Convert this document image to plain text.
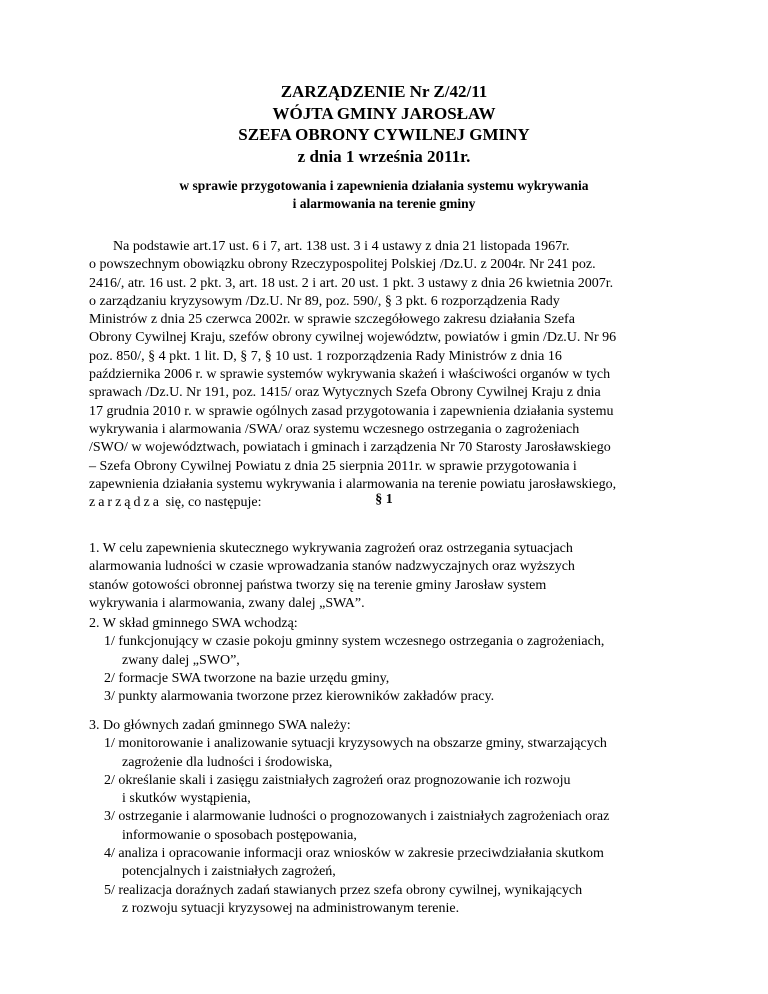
ZARZĄDZENIE Nr Z/42/11
WÓJTA GMINY JAROSŁAW
SZEFA OBRONY CYWILNEJ GMINY
z dnia 1 września 2011r.
w sprawie przygotowania i zapewnienia działania systemu wykrywania
i alarmowania na terenie gminy
Na podstawie art.17 ust. 6 i 7, art. 138 ust. 3 i 4 ustawy z dnia 21 listopada 1967r.
o powszechnym obowiązku obrony Rzeczypospolitej Polskiej /Dz.U. z 2004r. Nr 241 poz.
2416/, atr. 16 ust. 2 pkt. 3, art. 18 ust. 2 i art. 20 ust. 1 pkt. 3 ustawy z dnia 26 kwietnia 2007r.
o zarządzaniu kryzysowym /Dz.U. Nr 89, poz. 590/, § 3 pkt. 6 rozporządzenia Rady
Ministrów z dnia 25 czerwca 2002r. w sprawie szczegółowego zakresu działania Szefa
Obrony Cywilnej Kraju, szefów obrony cywilnej województw, powiatów i gmin /Dz.U. Nr 96
poz. 850/, § 4 pkt. 1 lit. D, § 7, § 10 ust. 1 rozporządzenia Rady Ministrów z dnia 16
października 2006 r. w sprawie systemów wykrywania skażeń i właściwości organów w tych
sprawach /Dz.U. Nr 191, poz. 1415/ oraz Wytycznych Szefa Obrony Cywilnej Kraju z dnia
17 grudnia 2010 r. w sprawie ogólnych zasad przygotowania i zapewnienia działania systemu
wykrywania i alarmowania /SWA/ oraz systemu wczesnego ostrzegania o zagrożeniach
/SWO/ w województwach, powiatach i gminach i zarządzenia Nr 70 Starosty Jarosławskiego
– Szefa Obrony Cywilnej Powiatu z dnia 25 sierpnia 2011r. w sprawie przygotowania i
zapewnienia działania systemu wykrywania i alarmowania na terenie powiatu jarosławskiego,
zarządza się, co następuje:	§ 1
1. W celu zapewnienia skutecznego wykrywania zagrożeń oraz ostrzegania sytuacjach
alarmowania ludności w czasie wprowadzania stanów nadzwyczajnych oraz wyższych
stanów gotowości obronnej państwa tworzy się na terenie gminy Jarosław system
wykrywania i alarmowania, zwany dalej „SWA”.
2. W skład gminnego SWA wchodzą:
1/ funkcjonujący w czasie pokoju gminny system wczesnego ostrzegania o zagrożeniach,
zwany dalej „SWO”,
2/ formacje SWA tworzone na bazie urzędu gminy,
3/ punkty alarmowania tworzone przez kierowników zakładów pracy.
3. Do głównych zadań gminnego SWA należy:
1/ monitorowanie i analizowanie sytuacji kryzysowych na obszarze gminy, stwarzających
zagrożenie dla ludności i środowiska,
2/ określanie skali i zasięgu zaistniałych zagrożeń oraz prognozowanie ich rozwoju
i skutków wystąpienia,
3/ ostrzeganie i alarmowanie ludności o prognozowanych i zaistniałych zagrożeniach oraz
informowanie o sposobach postępowania,
4/ analiza i opracowanie informacji oraz wniosków w zakresie przeciwdziałania skutkom
potencjalnych i zaistniałych zagrożeń,
5/ realizacja doraźnych zadań stawianych przez szefa obrony cywilnej, wynikających
z rozwoju sytuacji kryzysowej na administrowanym terenie.
